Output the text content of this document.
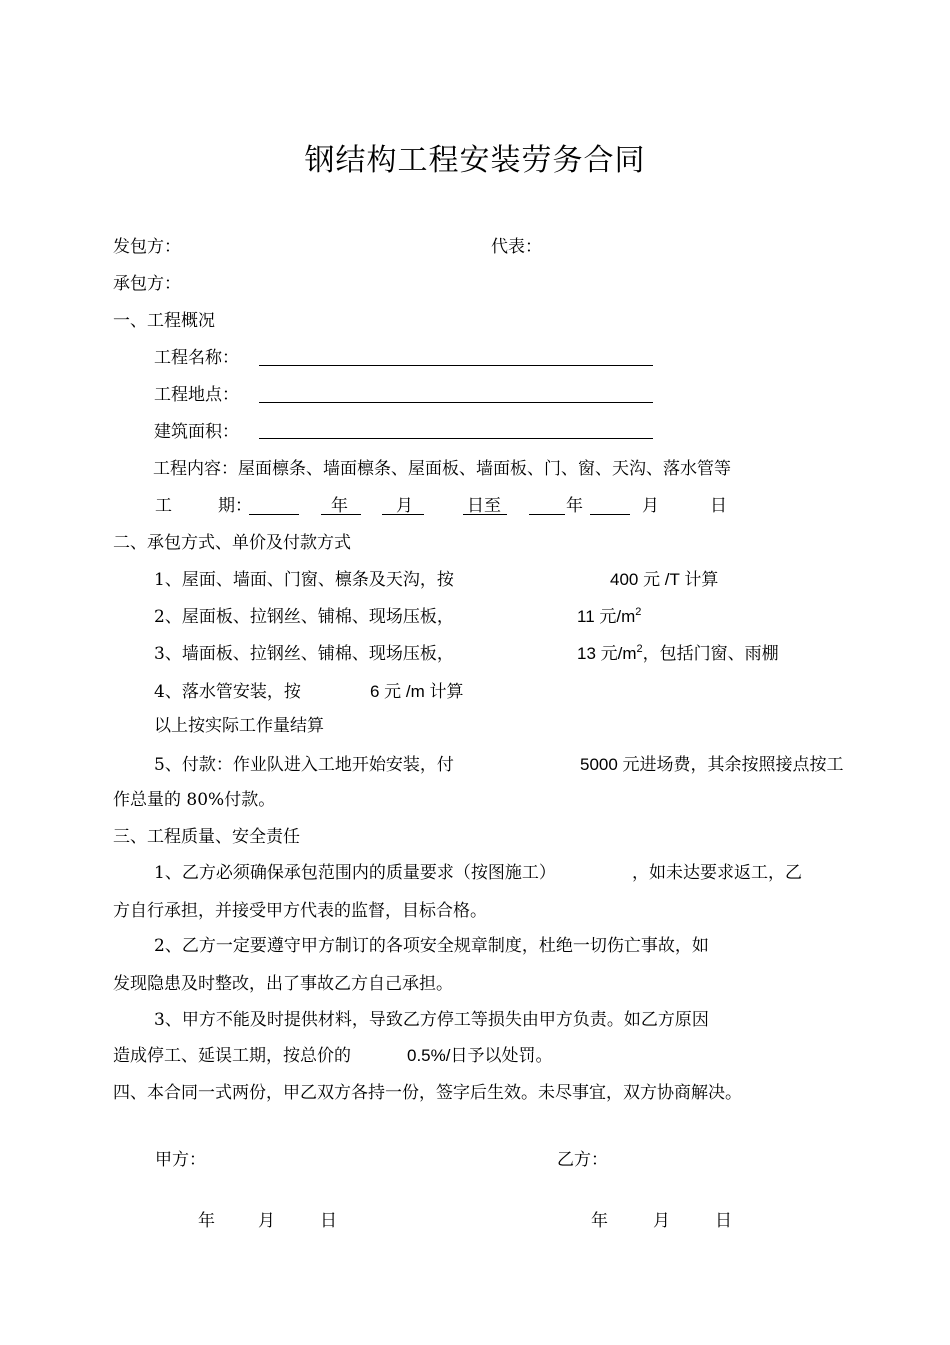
钢结构工程安装劳务合同
发包方：	代表：
承包方：
一、工程概况
工程名称：
工程地点：
建筑面积：
工程内容：屋面檩条、墙面檩条、屋面板、墙面板、门、窗、天沟、落水管等
工	期：	年	月	日至	年	月	日
二、承包方式、单价及付款方式
1、屋面、墙面、门窗、檩条及天沟，按	400 元 /T 计算
2、屋面板、拉钢丝、铺棉、现场压板，	11 元$/m^2$
3、墙面板、拉钢丝、铺棉、现场压板，	13 元$/m^2$，包括门窗、雨棚
4、落水管安装，按	6 元 /m 计算
以上按实际工作量结算
5、付款：作业队进入工地开始安装，付	5000 元进场费，其余按照接点按工
作总量的 80%付款。
三、工程质量、安全责任
1、乙方必须确保承包范围内的质量要求（按图施工）	，如未达要求返工，乙
方自行承担，并接受甲方代表的监督，目标合格。
2、乙方一定要遵守甲方制订的各项安全规章制度，杜绝一切伤亡事故，如
发现隐患及时整改，出了事故乙方自己承担。
3、甲方不能及时提供材料，导致乙方停工等损失由甲方负责。如乙方原因
造成停工、延误工期，按总价的	0.5%/日予以处罚。
四、本合同一式两份，甲乙双方各持一份，签字后生效。未尽事宜，双方协商解决。
甲方：	乙方：
年	月	日	年	月	日
